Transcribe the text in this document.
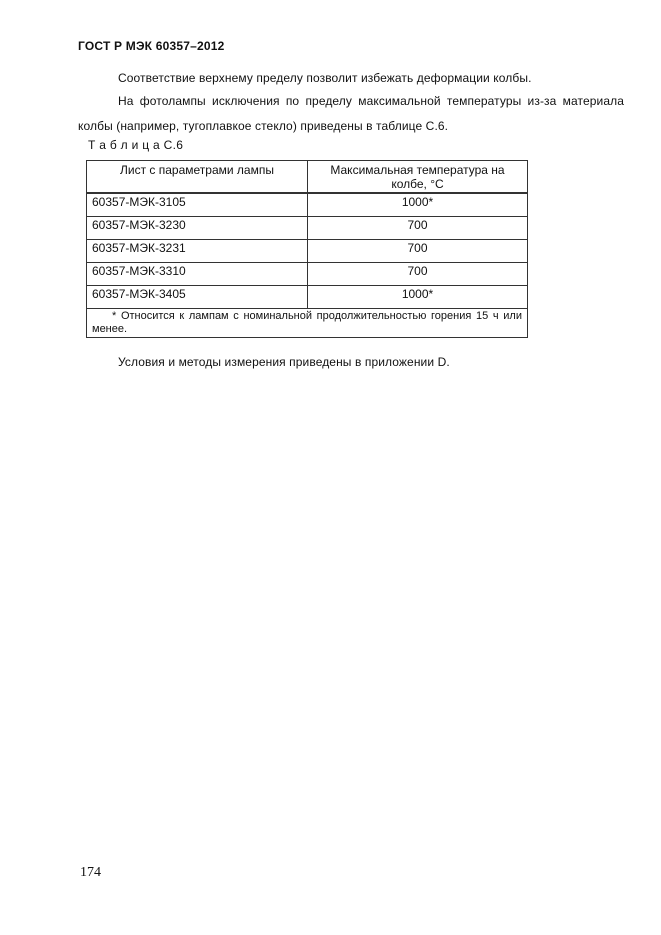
ГОСТ Р МЭК 60357–2012
Соответствие верхнему пределу позволит избежать деформации колбы.
На фотолампы исключения по пределу максимальной температуры из-за материала колбы (например, тугоплавкое стекло) приведены в таблице С.6.
Т а б л и ц а С.6
Лист с параметрами лампы	Максимальная температура на колбе, °С
60357-МЭК-3105	1000*
60357-МЭК-3230	700
60357-МЭК-3231	700
60357-МЭК-3310	700
60357-МЭК-3405	1000*

* Относится к лампам с номинальной продолжительностью горения 15 ч или менее.	
Условия и методы измерения приведены в приложении D.
174
